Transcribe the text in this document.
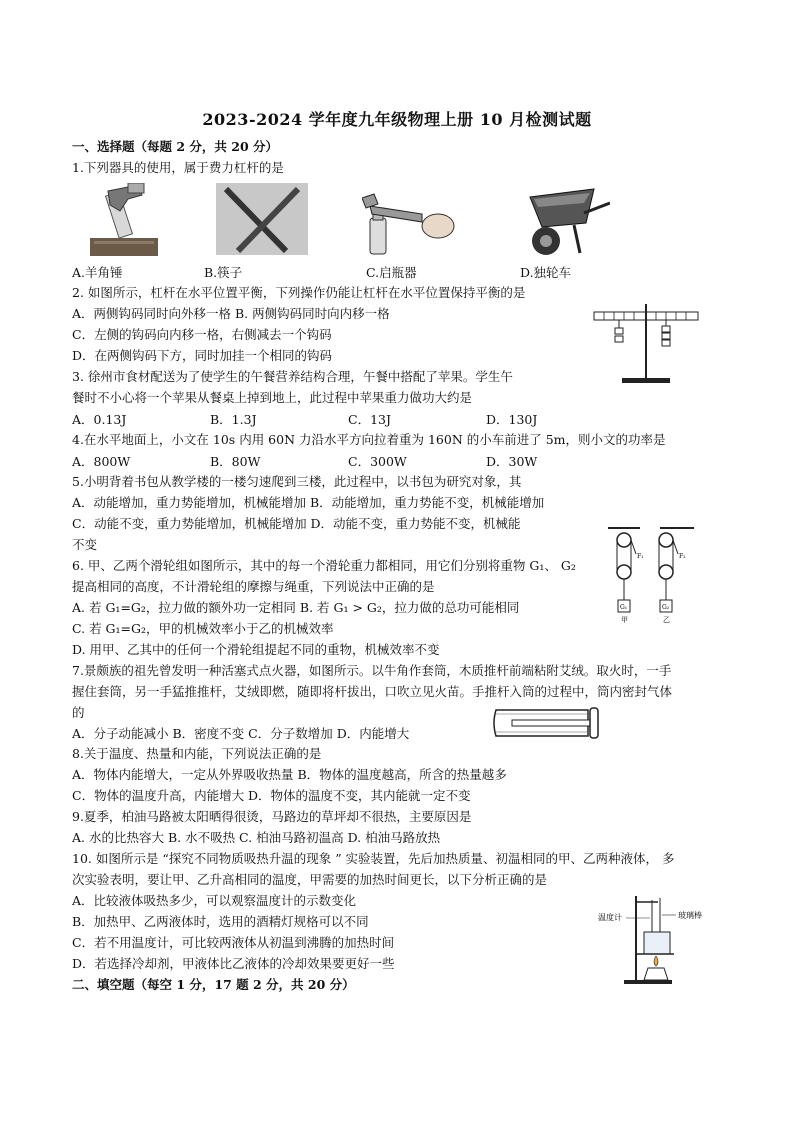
2023-2024 学年度九年级物理上册 10 月检测试题
一、选择题（每题 2 分，共 20 分）
1.下列器具的使用，属于费力杠杆的是
A.羊角锤	B.筷子	C.启瓶器	D.独轮车
2. 如图所示，杠杆在水平位置平衡，下列操作仍能让杠杆在水平位置保持平衡的是
A．两侧钩码同时向外移一格 B. 两侧钩码同时向内移一格
C．左侧的钩码向内移一格，右侧减去一个钩码
D．在两侧钩码下方，同时加挂一个相同的钩码
3. 徐州市食材配送为了使学生的午餐营养结构合理，午餐中搭配了苹果。学生午
餐时不小心将一个苹果从餐桌上掉到地上，此过程中苹果重力做功大约是
A．0.13J	B．1.3J	C．13J	D．130J
4.在水平地面上，小文在 10s 内用 60N 力沿水平方向拉着重为 160N 的小车前进了 5m，则小文的功率是
A．800W	B．80W	C．300W	D．30W
5.小明背着书包从教学楼的一楼匀速爬到三楼，此过程中，以书包为研究对象，其
A．动能增加，重力势能增加，机械能增加 B．动能增加，重力势能不变，机械能增加
C．动能不变，重力势能增加，机械能增加 D．动能不变，重力势能不变，机械能
不变
G₁
F₁
甲
G₂
F₂
乙
6. 甲、乙两个滑轮组如图所示，其中的每一个滑轮重力都相同，用它们分别将重物 G₁、 G₂
提高相同的高度，不计滑轮组的摩擦与绳重，下列说法中正确的是
A. 若 G₁=G₂，拉力做的额外功一定相同 B. 若 G₁ > G₂，拉力做的总功可能相同
C. 若 G₁=G₂，甲的机械效率小于乙的机械效率
D. 用甲、乙其中的任何一个滑轮组提起不同的重物，机械效率不变
7.景颇族的祖先曾发明一种活塞式点火器，如图所示。以牛角作套筒，木质推杆前端粘附艾绒。取火时，一手
握住套筒，另一手猛推推杆，艾绒即燃，随即将杆拔出，口吹立见火苗。手推杆入筒的过程中，筒内密封气体
的
A．分子动能减小 B．密度不变 C．分子数增加 D．内能增大
8.关于温度、热量和内能，下列说法正确的是
A．物体内能增大，一定从外界吸收热量 B．物体的温度越高，所含的热量越多
C．物体的温度升高，内能增大 D．物体的温度不变，其内能就一定不变
9.夏季，柏油马路被太阳晒得很烫，马路边的草坪却不很热，主要原因是
A. 水的比热容大 B. 水不吸热 C. 柏油马路初温高 D. 柏油马路放热
10. 如图所示是 “探究不同物质吸热升温的现象 ” 实验装置，先后加热质量、初温相同的甲、乙两种液体， 多
次实验表明，要让甲、乙升高相同的温度，甲需要的加热时间更长，以下分析正确的是
A．比较液体吸热多少，可以观察温度计的示数变化
B．加热甲、乙两液体时，选用的酒精灯规格可以不同
C．若不用温度计，可比较两液体从初温到沸腾的加热时间
D．若选择冷却剂，甲液体比乙液体的冷却效果要更好一些
温度计	玻璃棒
二、填空题（每空 1 分，17 题 2 分，共 20 分）
